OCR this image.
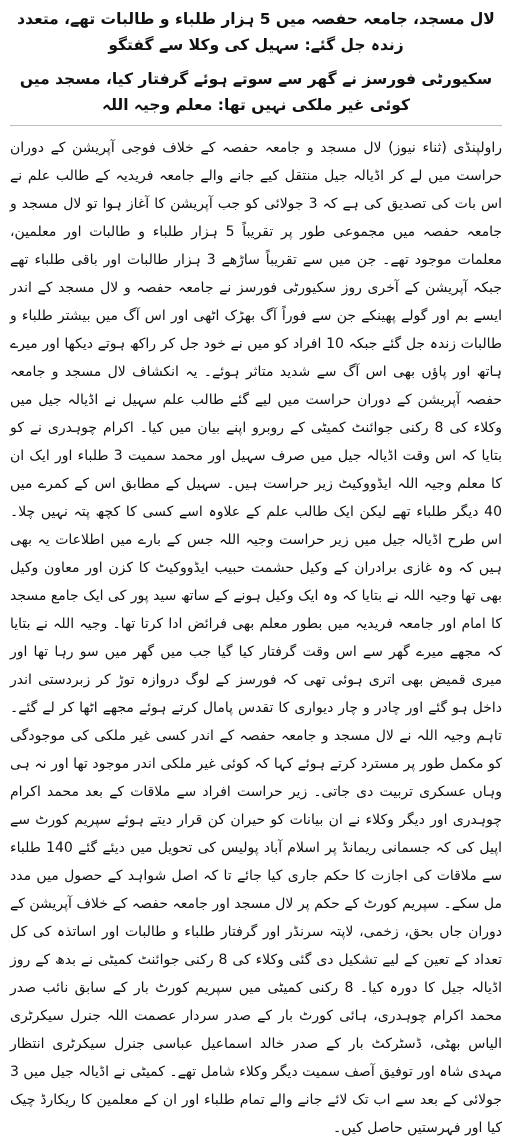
لال مسجد، جامعہ حفصہ میں 5 ہزار طلباء و طالبات تھے، متعدد زندہ جل گئے: سہیل کی وکلا سے گفتگو
سکیورٹی فورسز نے گھر سے سوتے ہوئے گرفتار کیا، مسجد میں کوئی غیر ملکی نہیں تھا: معلم وجیہ اللہ

راولپنڈی (ثناء نیوز) لال مسجد و جامعہ حفصہ کے خلاف فوجی آپریشن کے دوران حراست میں لے کر اڈیالہ جیل منتقل کیے جانے والے جامعہ فریدیہ کے طالب علم نے اس بات کی تصدیق کی ہے کہ 3 جولائی کو جب آپریشن کا آغاز ہوا تو لال مسجد و جامعہ حفصہ میں مجموعی طور پر تقریباً 5 ہزار طلباء و طالبات اور معلمین، معلمات موجود تھے۔ جن میں سے تقریباً ساڑھے 3 ہزار طالبات اور باقی طلباء تھے جبکہ آپریشن کے آخری روز سکیورٹی فورسز نے جامعہ حفصہ و لال مسجد کے اندر ایسے بم اور گولے پھینکے جن سے فوراً آگ بھڑک اٹھی اور اس آگ میں بیشتر طلباء و طالبات زندہ جل گئے جبکہ 10 افراد کو میں نے خود جل کر راکھ ہوتے دیکھا اور میرے ہاتھ اور پاؤں بھی اس آگ سے شدید متاثر ہوئے۔ یہ انکشاف لال مسجد و جامعہ حفصہ آپریشن کے دوران حراست میں لیے گئے طالب علم سہیل نے اڈیالہ جیل میں وکلاء کی 8 رکنی جوائنٹ کمیٹی کے روبرو اپنے بیان میں کیا۔ اکرام چوہدری نے کو بتایا کہ اس وقت اڈیالہ جیل میں صرف سہیل اور محمد سمیت 3 طلباء اور ایک ان کا معلم وجیہ اللہ ایڈووکیٹ زیر حراست ہیں۔ سہیل کے مطابق اس کے کمرے میں 40 دیگر طلباء تھے لیکن ایک طالب علم کے علاوہ اسے کسی کا کچھ پتہ نہیں چلا۔ اس طرح اڈیالہ جیل میں زیر حراست وجیہ اللہ جس کے بارے میں اطلاعات یہ بھی ہیں کہ وہ غازی برادران کے وکیل حشمت حبیب ایڈووکیٹ کا کزن اور معاون وکیل بھی تھا وجیہ اللہ نے بتایا کہ وہ ایک وکیل ہونے کے ساتھ سید پور کی ایک جامع مسجد کا امام اور جامعہ فریدیہ میں بطور معلم بھی فرائض ادا کرتا تھا۔ وجیہ اللہ نے بتایا کہ مجھے میرے گھر سے اس وقت گرفتار کیا گیا جب میں گھر میں سو رہا تھا اور میری قمیض بھی اتری ہوئی تھی کہ فورسز کے لوگ دروازہ توڑ کر زبردستی اندر داخل ہو گئے اور چادر و چار دیواری کا تقدس پامال کرتے ہوئے مجھے اٹھا کر لے گئے۔ تاہم وجیہ اللہ نے لال مسجد و جامعہ حفصہ کے اندر کسی غیر ملکی کی موجودگی کو مکمل طور پر مسترد کرتے ہوئے کہا کہ کوئی غیر ملکی اندر موجود تھا اور نہ ہی وہاں عسکری تربیت دی جاتی۔ زیر حراست افراد سے ملاقات کے بعد محمد اکرام چوہدری اور دیگر وکلاء نے ان بیانات کو حیران کن قرار دیتے ہوئے سپریم کورٹ سے اپیل کی کہ جسمانی ریمانڈ پر اسلام آباد پولیس کی تحویل میں دیئے گئے 140 طلباء سے ملاقات کی اجازت کا حکم جاری کیا جائے تا کہ اصل شواہد کے حصول میں مدد مل سکے۔ سپریم کورٹ کے حکم پر لال مسجد اور جامعہ حفصہ کے خلاف آپریشن کے دوران جاں بحق، زخمی، لاپتہ سرنڈر اور گرفتار طلباء و طالبات اور اساتذہ کی کل تعداد کے تعین کے لیے تشکیل دی گئی وکلاء کی 8 رکنی جوائنٹ کمیٹی نے بدھ کے روز اڈیالہ جیل کا دورہ کیا۔ 8 رکنی کمیٹی میں سپریم کورٹ بار کے سابق نائب صدر محمد اکرام چوہدری، ہائی کورٹ بار کے صدر سردار عصمت اللہ جنرل سیکرٹری الیاس بھٹی، ڈسٹرکٹ بار کے صدر خالد اسماعیل عباسی جنرل سیکرٹری انتظار مہدی شاہ اور توفیق آصف سمیت دیگر وکلاء شامل تھے۔ کمیٹی نے اڈیالہ جیل میں 3 جولائی کے بعد سے اب تک لائے جانے والے تمام طلباء اور ان کے معلمین کا ریکارڈ چیک کیا اور فہرستیں حاصل کیں۔
